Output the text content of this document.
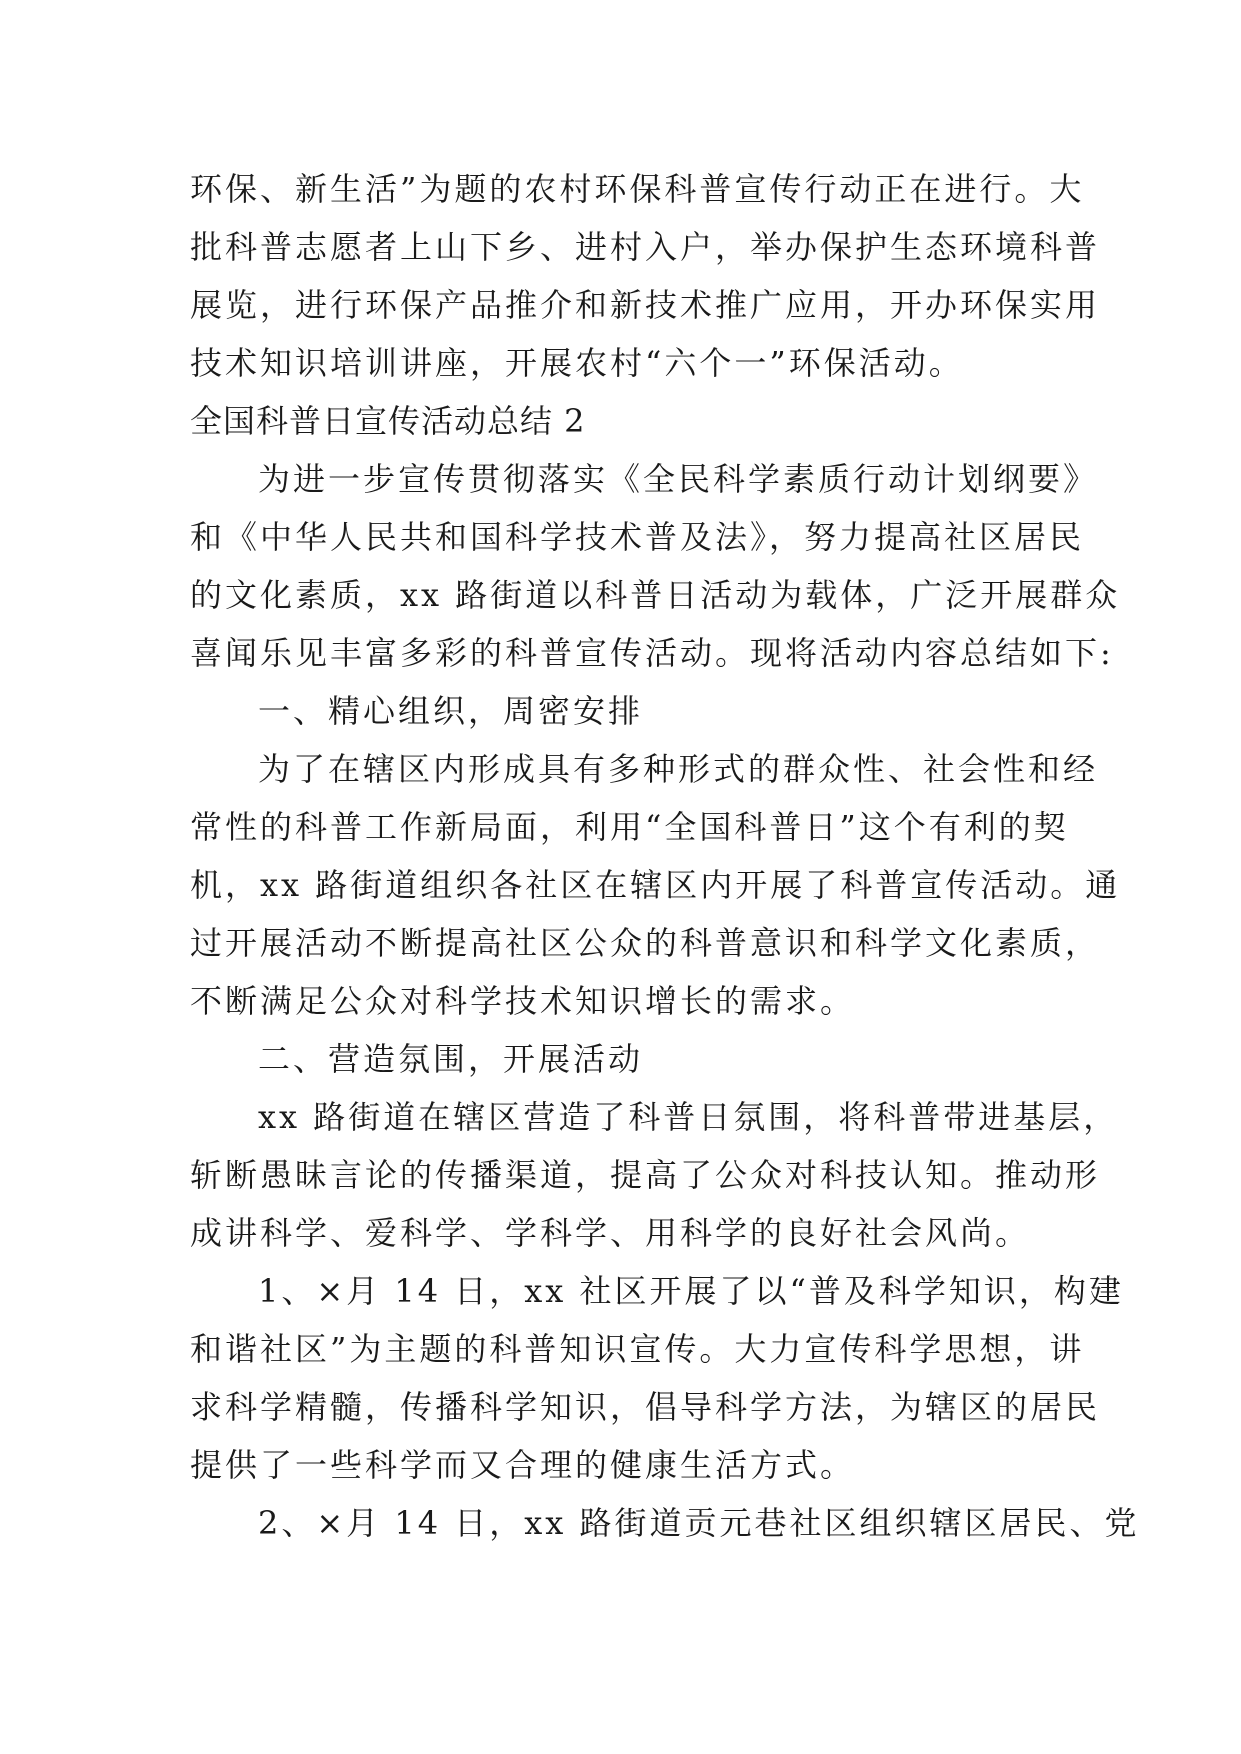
环保、新生活”为题的农村环保科普宣传行动正在进行。大
批科普志愿者上山下乡、进村入户，举办保护生态环境科普
展览，进行环保产品推介和新技术推广应用，开办环保实用
技术知识培训讲座，开展农村“六个一”环保活动。
全国科普日宣传活动总结 2
为进一步宣传贯彻落实《全民科学素质行动计划纲要》
和《中华人民共和国科学技术普及法》，努力提高社区居民
的文化素质，xx 路街道以科普日活动为载体，广泛开展群众
喜闻乐见丰富多彩的科普宣传活动。现将活动内容总结如下:
一、精心组织，周密安排
为了在辖区内形成具有多种形式的群众性、社会性和经
常性的科普工作新局面，利用“全国科普日”这个有利的契
机，xx 路街道组织各社区在辖区内开展了科普宣传活动。通
过开展活动不断提高社区公众的科普意识和科学文化素质，
不断满足公众对科学技术知识增长的需求。
二、营造氛围，开展活动
xx 路街道在辖区营造了科普日氛围，将科普带进基层，
斩断愚昧言论的传播渠道，提高了公众对科技认知。推动形
成讲科学、爱科学、学科学、用科学的良好社会风尚。
1、×月 14 日，xx 社区开展了以“普及科学知识，构建
和谐社区”为主题的科普知识宣传。大力宣传科学思想，讲
求科学精髓，传播科学知识，倡导科学方法，为辖区的居民
提供了一些科学而又合理的健康生活方式。
2、×月 14 日，xx 路街道贡元巷社区组织辖区居民、党
